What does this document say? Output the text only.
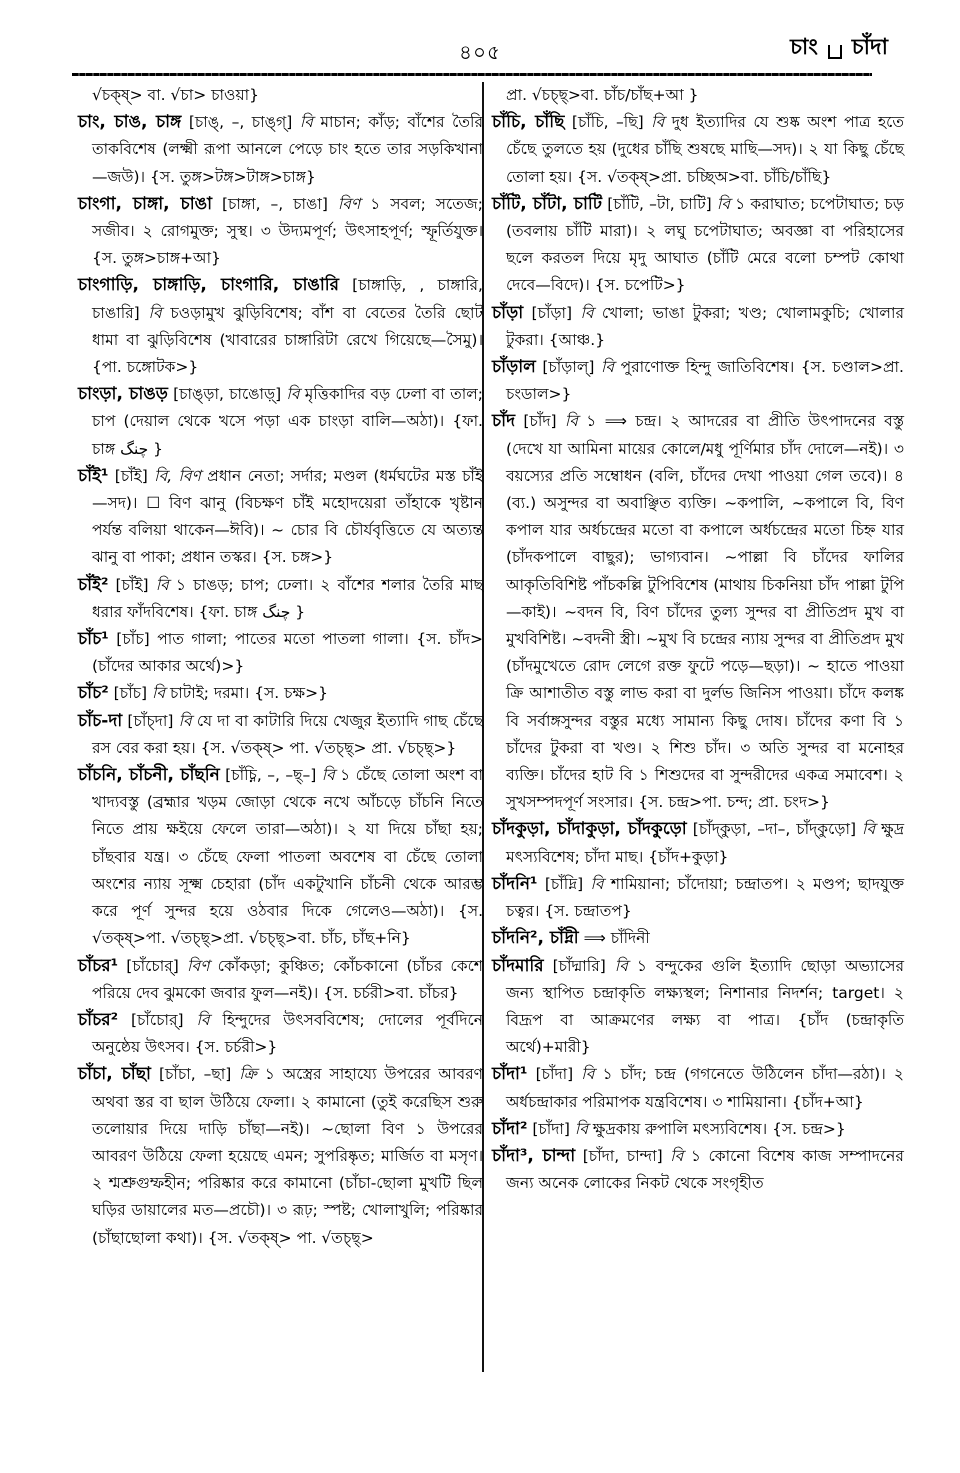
৪০৫	চাং চাঁদা

√চক্ষ্> বা. √চা> চাওয়া}

চাং, চাঙ, চাঙ্গ [চাঙ্, –, চাঙ্গ্] বি মাচান; কাঁড়; বাঁশের তৈরি তাকবিশেষ (লক্ষ্মী রূপা আনলে পেড়ে চাং হতে তার সড়কিখানা—জউ)। {স. তুঙ্গ>টঙ্গ>টাঙ্গ>চাঙ্গ}

চাংগা, চাঙ্গা, চাঙা [চাঙ্গা, –, চাঙা] বিণ ১ সবল; সতেজ; সজীব। ২ রোগমুক্ত; সুস্থ। ৩ উদ্যমপূর্ণ; উৎসাহপূর্ণ; স্ফূর্তিযুক্ত। {স. তুঙ্গ>চাঙ্গ+আ}

চাংগাড়ি, চাঙ্গাড়ি, চাংগারি, চাঙারি [চাঙ্গাড়ি, , চাঙ্গারি, চাঙারি] বি চওড়ামুখ ঝুড়িবিশেষ; বাঁশ বা বেতের তৈরি ছোট ধামা বা ঝুড়িবিশেষ (খাবারের চাঙ্গারিটা রেখে গিয়েছে—সৈমু)। {পা. চঙ্গোটক>}

চাংড়া, চাঙড় [চাঙ্ড়া, চাঙোড়্] বি মৃত্তিকাদির বড় ঢেলা বা তাল; চাপ (দেয়াল থেকে খসে পড়া এক চাংড়া বালি—অঠা)। {ফা. চাঙ্গ چنگ }

চাঁই¹ [চাঁই] বি, বিণ প্রধান নেতা; সর্দার; মণ্ডল (ধর্মঘটের মস্ত চাঁই—সদ)। ☐ বিণ ঝানু (বিচক্ষণ চাঁই মহোদয়েরা তাঁহাকে খৃষ্টান পর্যন্ত বলিয়া থাকেন—ঈবি)। ~ চোর বি চৌর্যবৃত্তিতে যে অত্যন্ত ঝানু বা পাকা; প্রধান তস্কর। {স. চঙ্গ>}

চাঁই² [চাঁই] বি ১ চাঙড়; চাপ; ঢেলা। ২ বাঁশের শলার তৈরি মাছ ধরার ফাঁদবিশেষ। {ফা. চাঙ্গ چنگ }

চাঁচ¹ [চাঁচ] পাত গালা; পাতের মতো পাতলা গালা। {স. চাঁদ>(চাঁদের আকার অর্থে)>}

চাঁচ² [চাঁচ] বি চাটাই; দরমা। {স. চক্ষ>}

চাঁচ-দা [চাঁচ্দা] বি যে দা বা কাটারি দিয়ে খেজুর ইত্যাদি গাছ চেঁছে রস বের করা হয়। {স. √তক্ষ্> পা. √তচ্ছ্> প্রা. √চচ্ছ্>}

চাঁচনি, চাঁচনী, চাঁছনি [চাঁচ্নি, –, –ছ্–] বি ১ চেঁছে তোলা অংশ বা খাদ্যবস্তু (ব্রহ্মার খড়ম জোড়া থেকে নখে আঁচড়ে চাঁচনি নিতে নিতে প্রায় ক্ষইয়ে ফেলে তারা—অঠা)। ২ যা দিয়ে চাঁছা হয়; চাঁছবার যন্ত্র। ৩ চেঁছে ফেলা পাতলা অবশেষ বা চেঁছে তোলা অংশের ন্যায় সূক্ষ্ম চেহারা (চাঁদ একটুখানি চাঁচনী থেকে আরম্ভ করে পূর্ণ সুন্দর হয়ে ওঠবার দিকে গেলেও—অঠা)। {স. √তক্ষ্>পা. √তচ্ছ্>প্রা. √চচ্ছ্>বা. চাঁচ, চাঁছ+নি}

চাঁচর¹ [চাঁচোর্] বিণ কোঁকড়া; কুঞ্চিত; কোঁচকানো (চাঁচর কেশে পরিয়ে দেব ঝুমকো জবার ফুল—নই)। {স. চর্চরী>বা. চাঁচর}

চাঁচর² [চাঁচোর্] বি হিন্দুদের উৎসববিশেষ; দোলের পূর্বদিনে অনুষ্ঠেয় উৎসব। {স. চর্চরী>}

চাঁচা, চাঁছা [চাঁচা, –ছা] ক্রি ১ অস্ত্রের সাহায্যে উপরের আবরণ অথবা স্তর বা ছাল উঠিয়ে ফেলা। ২ কামানো (তুই করেছিস শুরু তলোয়ার দিয়ে দাড়ি চাঁছা—নই)। ~ছোলা বিণ ১ উপরের আবরণ উঠিয়ে ফেলা হয়েছে এমন; সুপরিষ্কৃত; মার্জিত বা মসৃণ। ২ শ্মশ্রুগুম্ফহীন; পরিষ্কার করে কামানো (চাঁচা-ছোলা মুখটি ছিল ঘড়ির ডায়ালের মত—প্রচৌ)। ৩ রূঢ়; স্পষ্ট; খোলাখুলি; পরিষ্কার (চাঁছাছোলা কথা)। {স. √তক্ষ্> পা. √তচ্ছ্>

প্রা. √চচ্ছ্>বা. চাঁচ/চাঁছ+আ }

চাঁচি, চাঁছি [চাঁচি, –ছি] বি দুধ ইত্যাদির যে শুষ্ক অংশ পাত্র হতে চেঁছে তুলতে হয় (দুধের চাঁছি শুষছে মাছি—সদ)। ২ যা কিছু চেঁছে তোলা হয়। {স. √তক্ষ্>প্রা. চচ্ছিঅ>বা. চাঁচি/চাঁছি}

চাঁটি, চাঁটা, চাটি [চাঁটি, –টা, চাটি] বি ১ করাঘাত; চপেটাঘাত; চড় (তবলায় চাঁটি মারা)। ২ লঘু চপেটাঘাত; অবজ্ঞা বা পরিহাসের ছলে করতল দিয়ে মৃদু আঘাত (চাঁটি মেরে বলো চম্পট কোথা দেবে—বিদে)। {স. চপেটি>}

চাঁড়া [চাঁড়া] বি খোলা; ভাঙা টুকরা; খণ্ড; খোলামকুচি; খোলার টুকরা। {আঞ্চ.}

চাঁড়াল [চাঁড়াল্] বি পুরাণোক্ত হিন্দু জাতিবিশেষ। {স. চণ্ডাল>প্রা. চংডাল>}

চাঁদ [চাঁদ] বি ১ ⟹ চন্দ্র। ২ আদরের বা প্রীতি উৎপাদনের বস্তু (দেখে যা আমিনা মায়ের কোলে/মধু পূর্ণিমার চাঁদ দোলে—নই)। ৩ বয়স্যের প্রতি সম্বোধন (বলি, চাঁদের দেখা পাওয়া গেল তবে)। ৪ (ব্য.) অসুন্দর বা অবাঞ্ছিত ব্যক্তি। ~কপালি, ~কপালে বি, বিণ কপাল যার অর্ধচন্দ্রের মতো বা কপালে অর্ধচন্দ্রের মতো চিহ্ন যার (চাঁদকপালে বাছুর); ভাগ্যবান। ~পাল্লা বি চাঁদের ফালির আকৃতিবিশিষ্ট পাঁচকল্লি টুপিবিশেষ (মাথায় চিকনিয়া চাঁদ পাল্লা টুপি—কাই)। ~বদন বি, বিণ চাঁদের তুল্য সুন্দর বা প্রীতিপ্রদ মুখ বা মুখবিশিষ্ট। ~বদনী স্ত্রী। ~মুখ বি চন্দ্রের ন্যায় সুন্দর বা প্রীতিপ্রদ মুখ (চাঁদমুখেতে রোদ লেগে রক্ত ফুটে পড়ে—ছড়া)। ~ হাতে পাওয়া ক্রি আশাতীত বস্তু লাভ করা বা দুর্লভ জিনিস পাওয়া। চাঁদে কলঙ্ক বি সর্বাঙ্গসুন্দর বস্তুর মধ্যে সামান্য কিছু দোষ। চাঁদের কণা বি ১ চাঁদের টুকরা বা খণ্ড। ২ শিশু চাঁদ। ৩ অতি সুন্দর বা মনোহর ব্যক্তি। চাঁদের হাট বি ১ শিশুদের বা সুন্দরীদের একত্র সমাবেশ। ২ সুখসম্পদপূর্ণ সংসার। {স. চন্দ্র>পা. চন্দ; প্রা. চংদ>}

চাঁদকুড়া, চাঁদাকুড়া, চাঁদকুড়ো [চাঁদ্কুড়া, –দা–, চাঁদ্কুড়ো] বি ক্ষুদ্র মৎস্যবিশেষ; চাঁদা মাছ। {চাঁদ+কুড়া}

চাঁদনি¹ [চাঁদ্নি] বি শামিয়ানা; চাঁদোয়া; চন্দ্রাতপ। ২ মণ্ডপ; ছাদযুক্ত চত্বর। {স. চন্দ্রাতপ}

চাঁদনি², চাঁদ্নী ⟹ চাঁদিনী

চাঁদমারি [চাঁদ্মারি] বি ১ বন্দুকের গুলি ইত্যাদি ছোড়া অভ্যাসের জন্য স্থাপিত চন্দ্রাকৃতি লক্ষ্যস্থল; নিশানার নিদর্শন; target। ২ বিদ্রূপ বা আক্রমণের লক্ষ্য বা পাত্র। {চাঁদ (চন্দ্রাকৃতি অর্থে)+মারী}

চাঁদা¹ [চাঁদা] বি ১ চাঁদ; চন্দ্র (গগনেতে উঠিলেন চাঁদা—রঠা)। ২ অর্ধচন্দ্রাকার পরিমাপক যন্ত্রবিশেষ। ৩ শামিয়ানা। {চাঁদ+আ}

চাঁদা² [চাঁদা] বি ক্ষুদ্রকায় রুপালি মৎস্যবিশেষ। {স. চন্দ্র>}

চাঁদা³, চান্দা [চাঁদা, চান্দা] বি ১ কোনো বিশেষ কাজ সম্পাদনের জন্য অনেক লোকের নিকট থেকে সংগৃহীত
